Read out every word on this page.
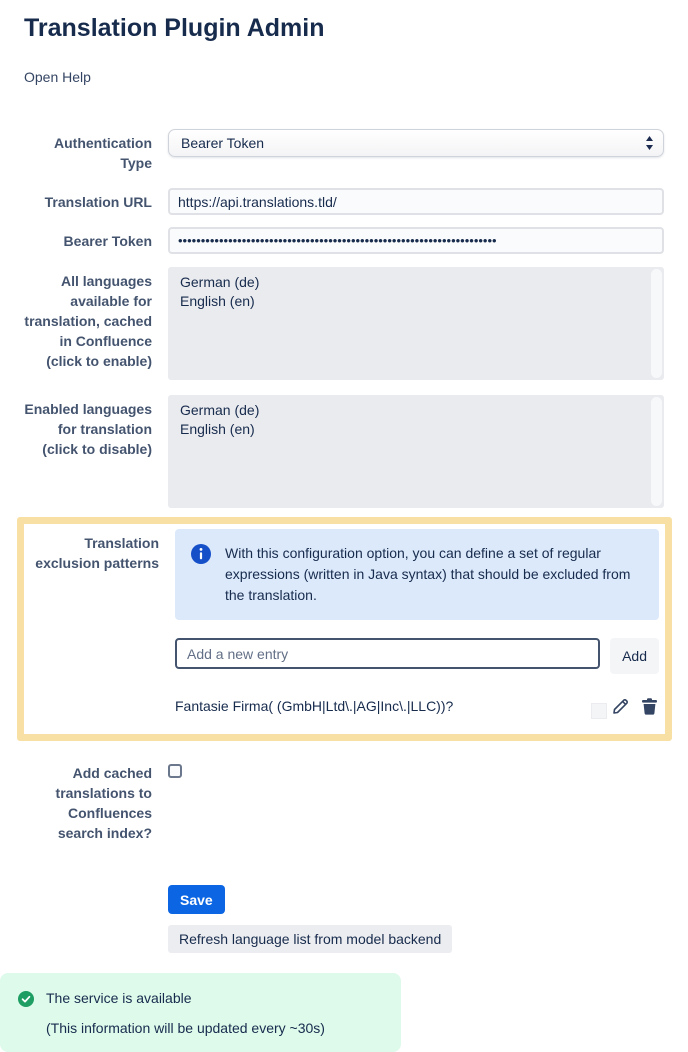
Translation Plugin Admin
Open Help
Authentication Type
Bearer Token
Translation URL
https://api.translations.tld/
Bearer Token
••••••••••••••••••••••••••••••••••••••••••••••••••••••••••••••••••••••
All languages available for translation, cached in Confluence (click to enable)
German (de)
English (en)
Enabled languages for translation (click to disable)
German (de)
English (en)
Translation exclusion patterns
With this configuration option, you can define a set of regular expressions (written in Java syntax) that should be excluded from the translation.
Add a new entry
Add
Fantasie Firma( (GmbH|Ltd\.|AG|Inc\.|LLC))?
Add cached translations to Confluences search index?
Save
Refresh language list from model backend

The service is available

(This information will be updated every ~30s)
